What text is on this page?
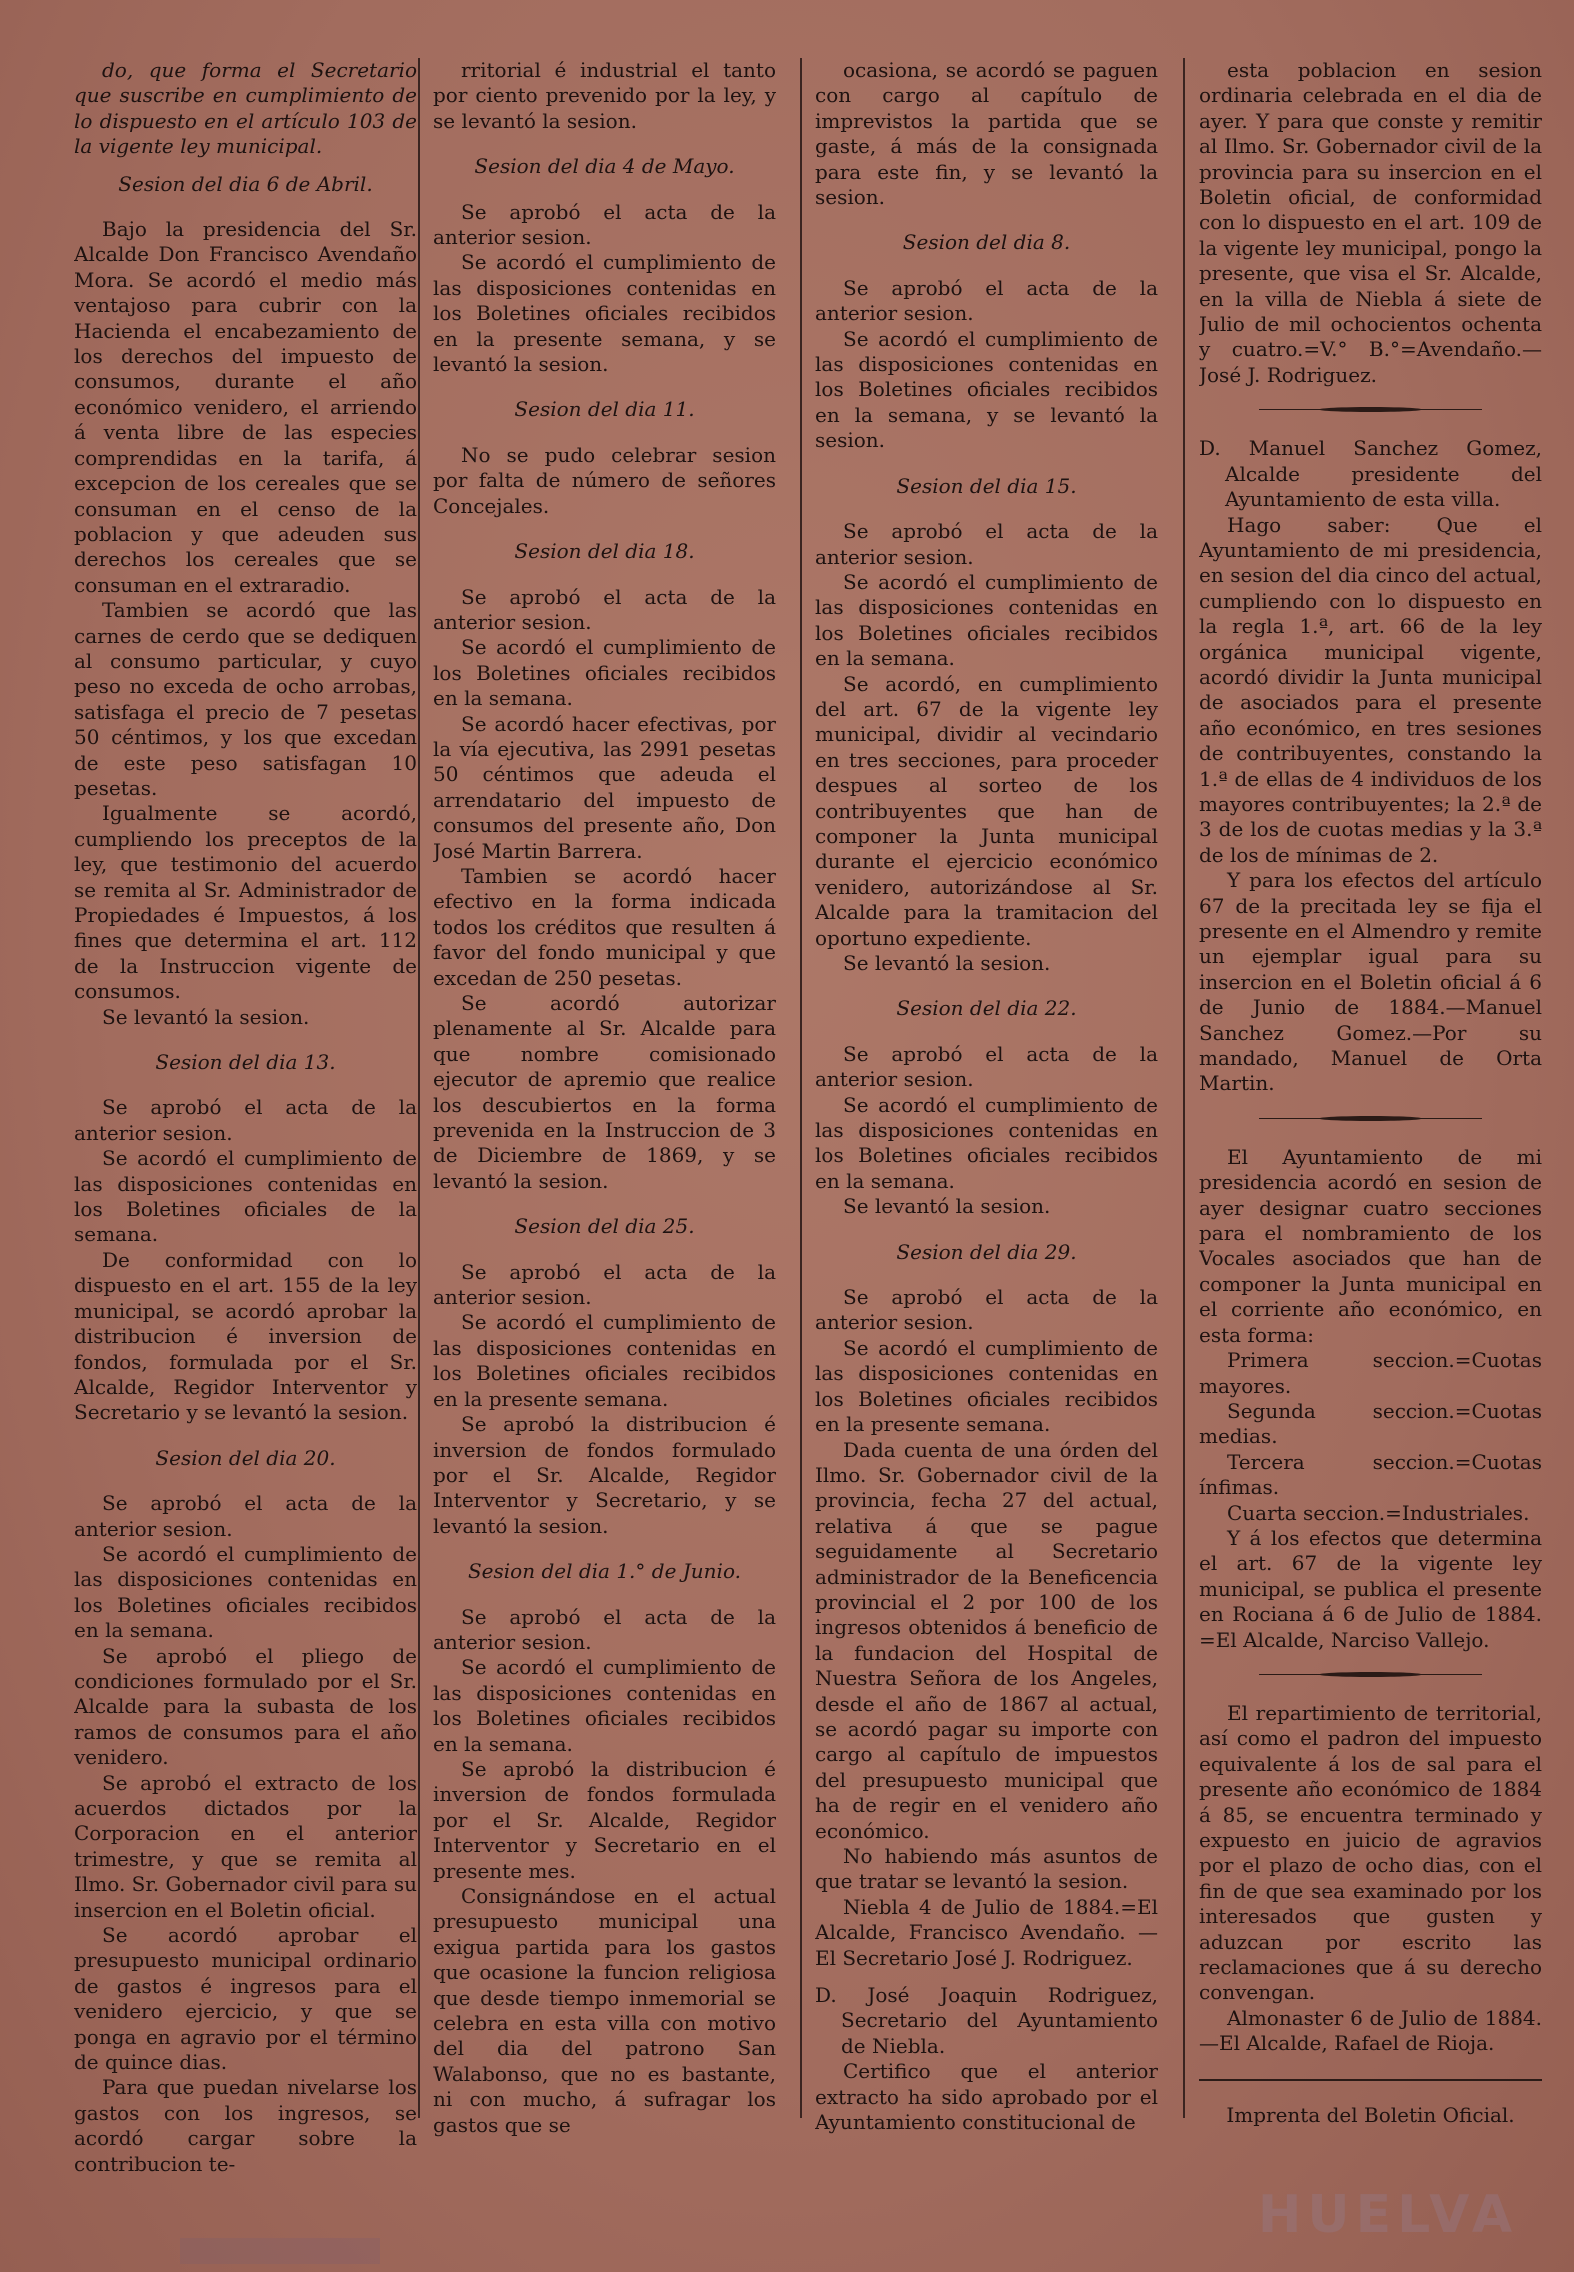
do, que forma el Secretario que suscribe en cumplimiento de lo dispuesto en el artículo 103 de la vigente ley municipal.

Sesion del dia 6 de Abril.

Bajo la presidencia del Sr. Alcalde Don Francisco Avendaño Mora. Se acordó el medio más ventajoso para cubrir con la Hacienda el encabezamiento de los derechos del impuesto de consumos, durante el año económico venidero, el arriendo á venta libre de las especies comprendidas en la tarifa, á excepcion de los cereales que se consuman en el censo de la poblacion y que adeuden sus derechos los cereales que se consuman en el extraradio.

Tambien se acordó que las carnes de cerdo que se dediquen al consumo particular, y cuyo peso no exceda de ocho arrobas, satisfaga el precio de 7 pesetas 50 céntimos, y los que excedan de este peso satisfagan 10 pesetas.

Igualmente se acordó, cumpliendo los preceptos de la ley, que testimonio del acuerdo se remita al Sr. Administrador de Propiedades é Impuestos, á los fines que determina el art. 112 de la Instruccion vigente de consumos.

Se levantó la sesion.

Sesion del dia 13.

Se aprobó el acta de la anterior sesion.

Se acordó el cumplimiento de las disposiciones contenidas en los Boletines oficiales de la semana.

De conformidad con lo dispuesto en el art. 155 de la ley municipal, se acordó aprobar la distribucion é inversion de fondos, formulada por el Sr. Alcalde, Regidor Interventor y Secretario y se levantó la sesion.

Sesion del dia 20.

Se aprobó el acta de la anterior sesion.

Se acordó el cumplimiento de las disposiciones contenidas en los Boletines oficiales recibidos en la semana.

Se aprobó el pliego de condiciones formulado por el Sr. Alcalde para la subasta de los ramos de consumos para el año venidero.

Se aprobó el extracto de los acuerdos dictados por la Corporacion en el anterior trimestre, y que se remita al Ilmo. Sr. Gobernador civil para su insercion en el Boletin oficial.

Se acordó aprobar el presupuesto municipal ordinario de gastos é ingresos para el venidero ejercicio, y que se ponga en agravio por el término de quince dias.

Para que puedan nivelarse los gastos con los ingresos, se acordó cargar sobre la contribucion te-

rritorial é industrial el tanto por ciento prevenido por la ley, y se levantó la sesion.

Sesion del dia 4 de Mayo.

Se aprobó el acta de la anterior sesion.

Se acordó el cumplimiento de las disposiciones contenidas en los Boletines oficiales recibidos en la presente semana, y se levantó la sesion.

Sesion del dia 11.

No se pudo celebrar sesion por falta de número de señores Concejales.

Sesion del dia 18.

Se aprobó el acta de la anterior sesion.

Se acordó el cumplimiento de los Boletines oficiales recibidos en la semana.

Se acordó hacer efectivas, por la vía ejecutiva, las 2991 pesetas 50 céntimos que adeuda el arrendatario del impuesto de consumos del presente año, Don José Martin Barrera.

Tambien se acordó hacer efectivo en la forma indicada todos los créditos que resulten á favor del fondo municipal y que excedan de 250 pesetas.

Se acordó autorizar plenamente al Sr. Alcalde para que nombre comisionado ejecutor de apremio que realice los descubiertos en la forma prevenida en la Instruccion de 3 de Diciembre de 1869, y se levantó la sesion.

Sesion del dia 25.

Se aprobó el acta de la anterior sesion.

Se acordó el cumplimiento de las disposiciones contenidas en los Boletines oficiales recibidos en la presente semana.

Se aprobó la distribucion é inversion de fondos formulado por el Sr. Alcalde, Regidor Interventor y Secretario, y se levantó la sesion.

Sesion del dia 1.° de Junio.

Se aprobó el acta de la anterior sesion.

Se acordó el cumplimiento de las disposiciones contenidas en los Boletines oficiales recibidos en la semana.

Se aprobó la distribucion é inversion de fondos formulada por el Sr. Alcalde, Regidor Interventor y Secretario en el presente mes.

Consignándose en el actual presupuesto municipal una exigua partida para los gastos que ocasione la funcion religiosa que desde tiempo inmemorial se celebra en esta villa con motivo del dia del patrono San Walabonso, que no es bastante, ni con mucho, á sufragar los gastos que se

ocasiona, se acordó se paguen con cargo al capítulo de imprevistos la partida que se gaste, á más de la consignada para este fin, y se levantó la sesion.

Sesion del dia 8.

Se aprobó el acta de la anterior sesion.

Se acordó el cumplimiento de las disposiciones contenidas en los Boletines oficiales recibidos en la semana, y se levantó la sesion.

Sesion del dia 15.

Se aprobó el acta de la anterior sesion.

Se acordó el cumplimiento de las disposiciones contenidas en los Boletines oficiales recibidos en la semana.

Se acordó, en cumplimiento del art. 67 de la vigente ley municipal, dividir al vecindario en tres secciones, para proceder despues al sorteo de los contribuyentes que han de componer la Junta municipal durante el ejercicio económico venidero, autorizándose al Sr. Alcalde para la tramitacion del oportuno expediente.

Se levantó la sesion.

Sesion del dia 22.

Se aprobó el acta de la anterior sesion.

Se acordó el cumplimiento de las disposiciones contenidas en los Boletines oficiales recibidos en la semana.

Se levantó la sesion.

Sesion del dia 29.

Se aprobó el acta de la anterior sesion.

Se acordó el cumplimiento de las disposiciones contenidas en los Boletines oficiales recibidos en la presente semana.

Dada cuenta de una órden del Ilmo. Sr. Gobernador civil de la provincia, fecha 27 del actual, relativa á que se pague seguidamente al Secretario administrador de la Beneficencia provincial el 2 por 100 de los ingresos obtenidos á beneficio de la fundacion del Hospital de Nuestra Señora de los Angeles, desde el año de 1867 al actual, se acordó pagar su importe con cargo al capítulo de impuestos del presupuesto municipal que ha de regir en el venidero año económico.

No habiendo más asuntos de que tratar se levantó la sesion.

Niebla 4 de Julio de 1884.=El Alcalde, Francisco Avendaño. —El Secretario José J. Rodriguez.

D. José Joaquin Rodriguez, Secretario del Ayuntamiento de Niebla.

Certifico que el anterior extracto ha sido aprobado por el Ayuntamiento constitucional de

esta poblacion en sesion ordinaria celebrada en el dia de ayer. Y para que conste y remitir al Ilmo. Sr. Gobernador civil de la provincia para su insercion en el Boletin oficial, de conformidad con lo dispuesto en el art. 109 de la vigente ley municipal, pongo la presente, que visa el Sr. Alcalde, en la villa de Niebla á siete de Julio de mil ochocientos ochenta y cuatro.=V.° B.°=Avendaño.—José J. Rodriguez.

D. Manuel Sanchez Gomez, Alcalde presidente del Ayuntamiento de esta villa.

Hago saber: Que el Ayuntamiento de mi presidencia, en sesion del dia cinco del actual, cumpliendo con lo dispuesto en la regla 1.ª, art. 66 de la ley orgánica municipal vigente, acordó dividir la Junta municipal de asociados para el presente año económico, en tres sesiones de contribuyentes, constando la 1.ª de ellas de 4 individuos de los mayores contribuyentes; la 2.ª de 3 de los de cuotas medias y la 3.ª de los de mínimas de 2.

Y para los efectos del artículo 67 de la precitada ley se fija el presente en el Almendro y remite un ejemplar igual para su insercion en el Boletin oficial á 6 de Junio de 1884.—Manuel Sanchez Gomez.—Por su mandado, Manuel de Orta Martin.

El Ayuntamiento de mi presidencia acordó en sesion de ayer designar cuatro secciones para el nombramiento de los Vocales asociados que han de componer la Junta municipal en el corriente año económico, en esta forma:

Primera seccion.=Cuotas mayores.

Segunda seccion.=Cuotas medias.

Tercera seccion.=Cuotas ínfimas.

Cuarta seccion.=Industriales.

Y á los efectos que determina el art. 67 de la vigente ley municipal, se publica el presente en Rociana á 6 de Julio de 1884. =El Alcalde, Narciso Vallejo.

El repartimiento de territorial, así como el padron del impuesto equivalente á los de sal para el presente año económico de 1884 á 85, se encuentra terminado y expuesto en juicio de agravios por el plazo de ocho dias, con el fin de que sea examinado por los interesados que gusten y aduzcan por escrito las reclamaciones que á su derecho convengan.

Almonaster 6 de Julio de 1884.—El Alcalde, Rafael de Rioja.

Imprenta del Boletin Oficial.

HUELVA
